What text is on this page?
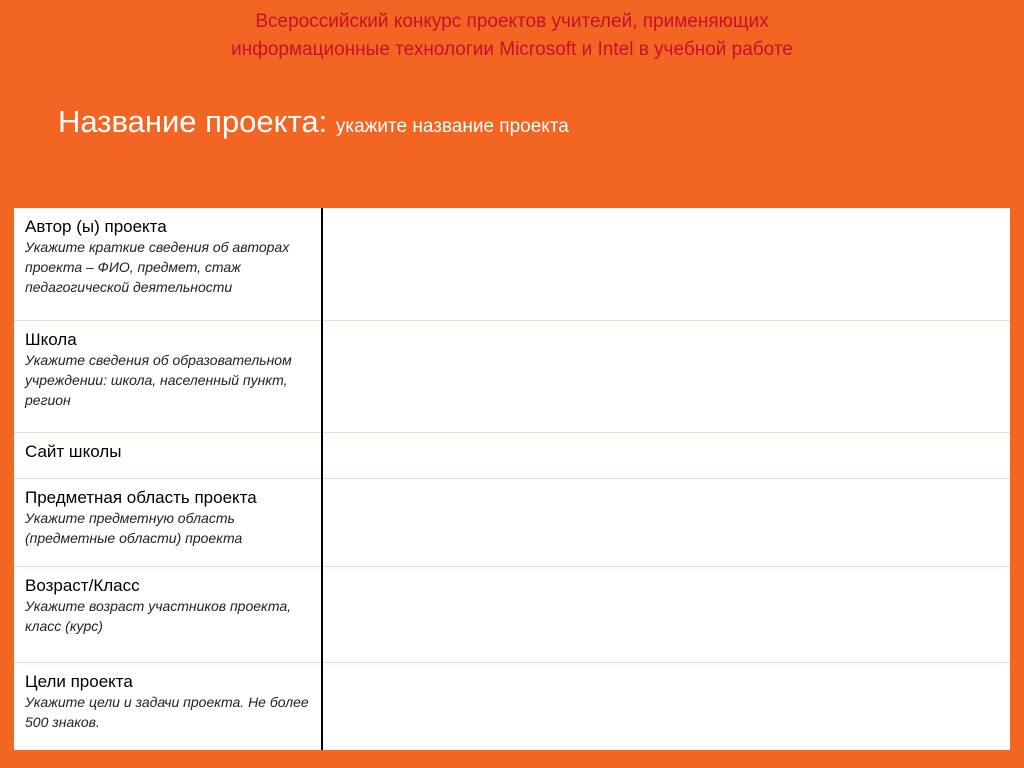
Всероссийский конкурс проектов учителей, применяющих
информационные технологии Microsoft и Intel в учебной работе
Название проекта: укажите название проекта
Автор (ы) проекта
Укажите краткие сведения об авторах проекта – ФИО, предмет, стаж педагогической деятельности	

Школа
Укажите сведения об образовательном учреждении: школа, населенный пункт, регион	

Сайт школы	

Предметная область проекта
Укажите предметную область (предметные области) проекта	

Возраст/Класс
Укажите возраст участников проекта, класс (курс)	

Цели проекта
Укажите цели и задачи проекта. Не более 500 знаков.	
